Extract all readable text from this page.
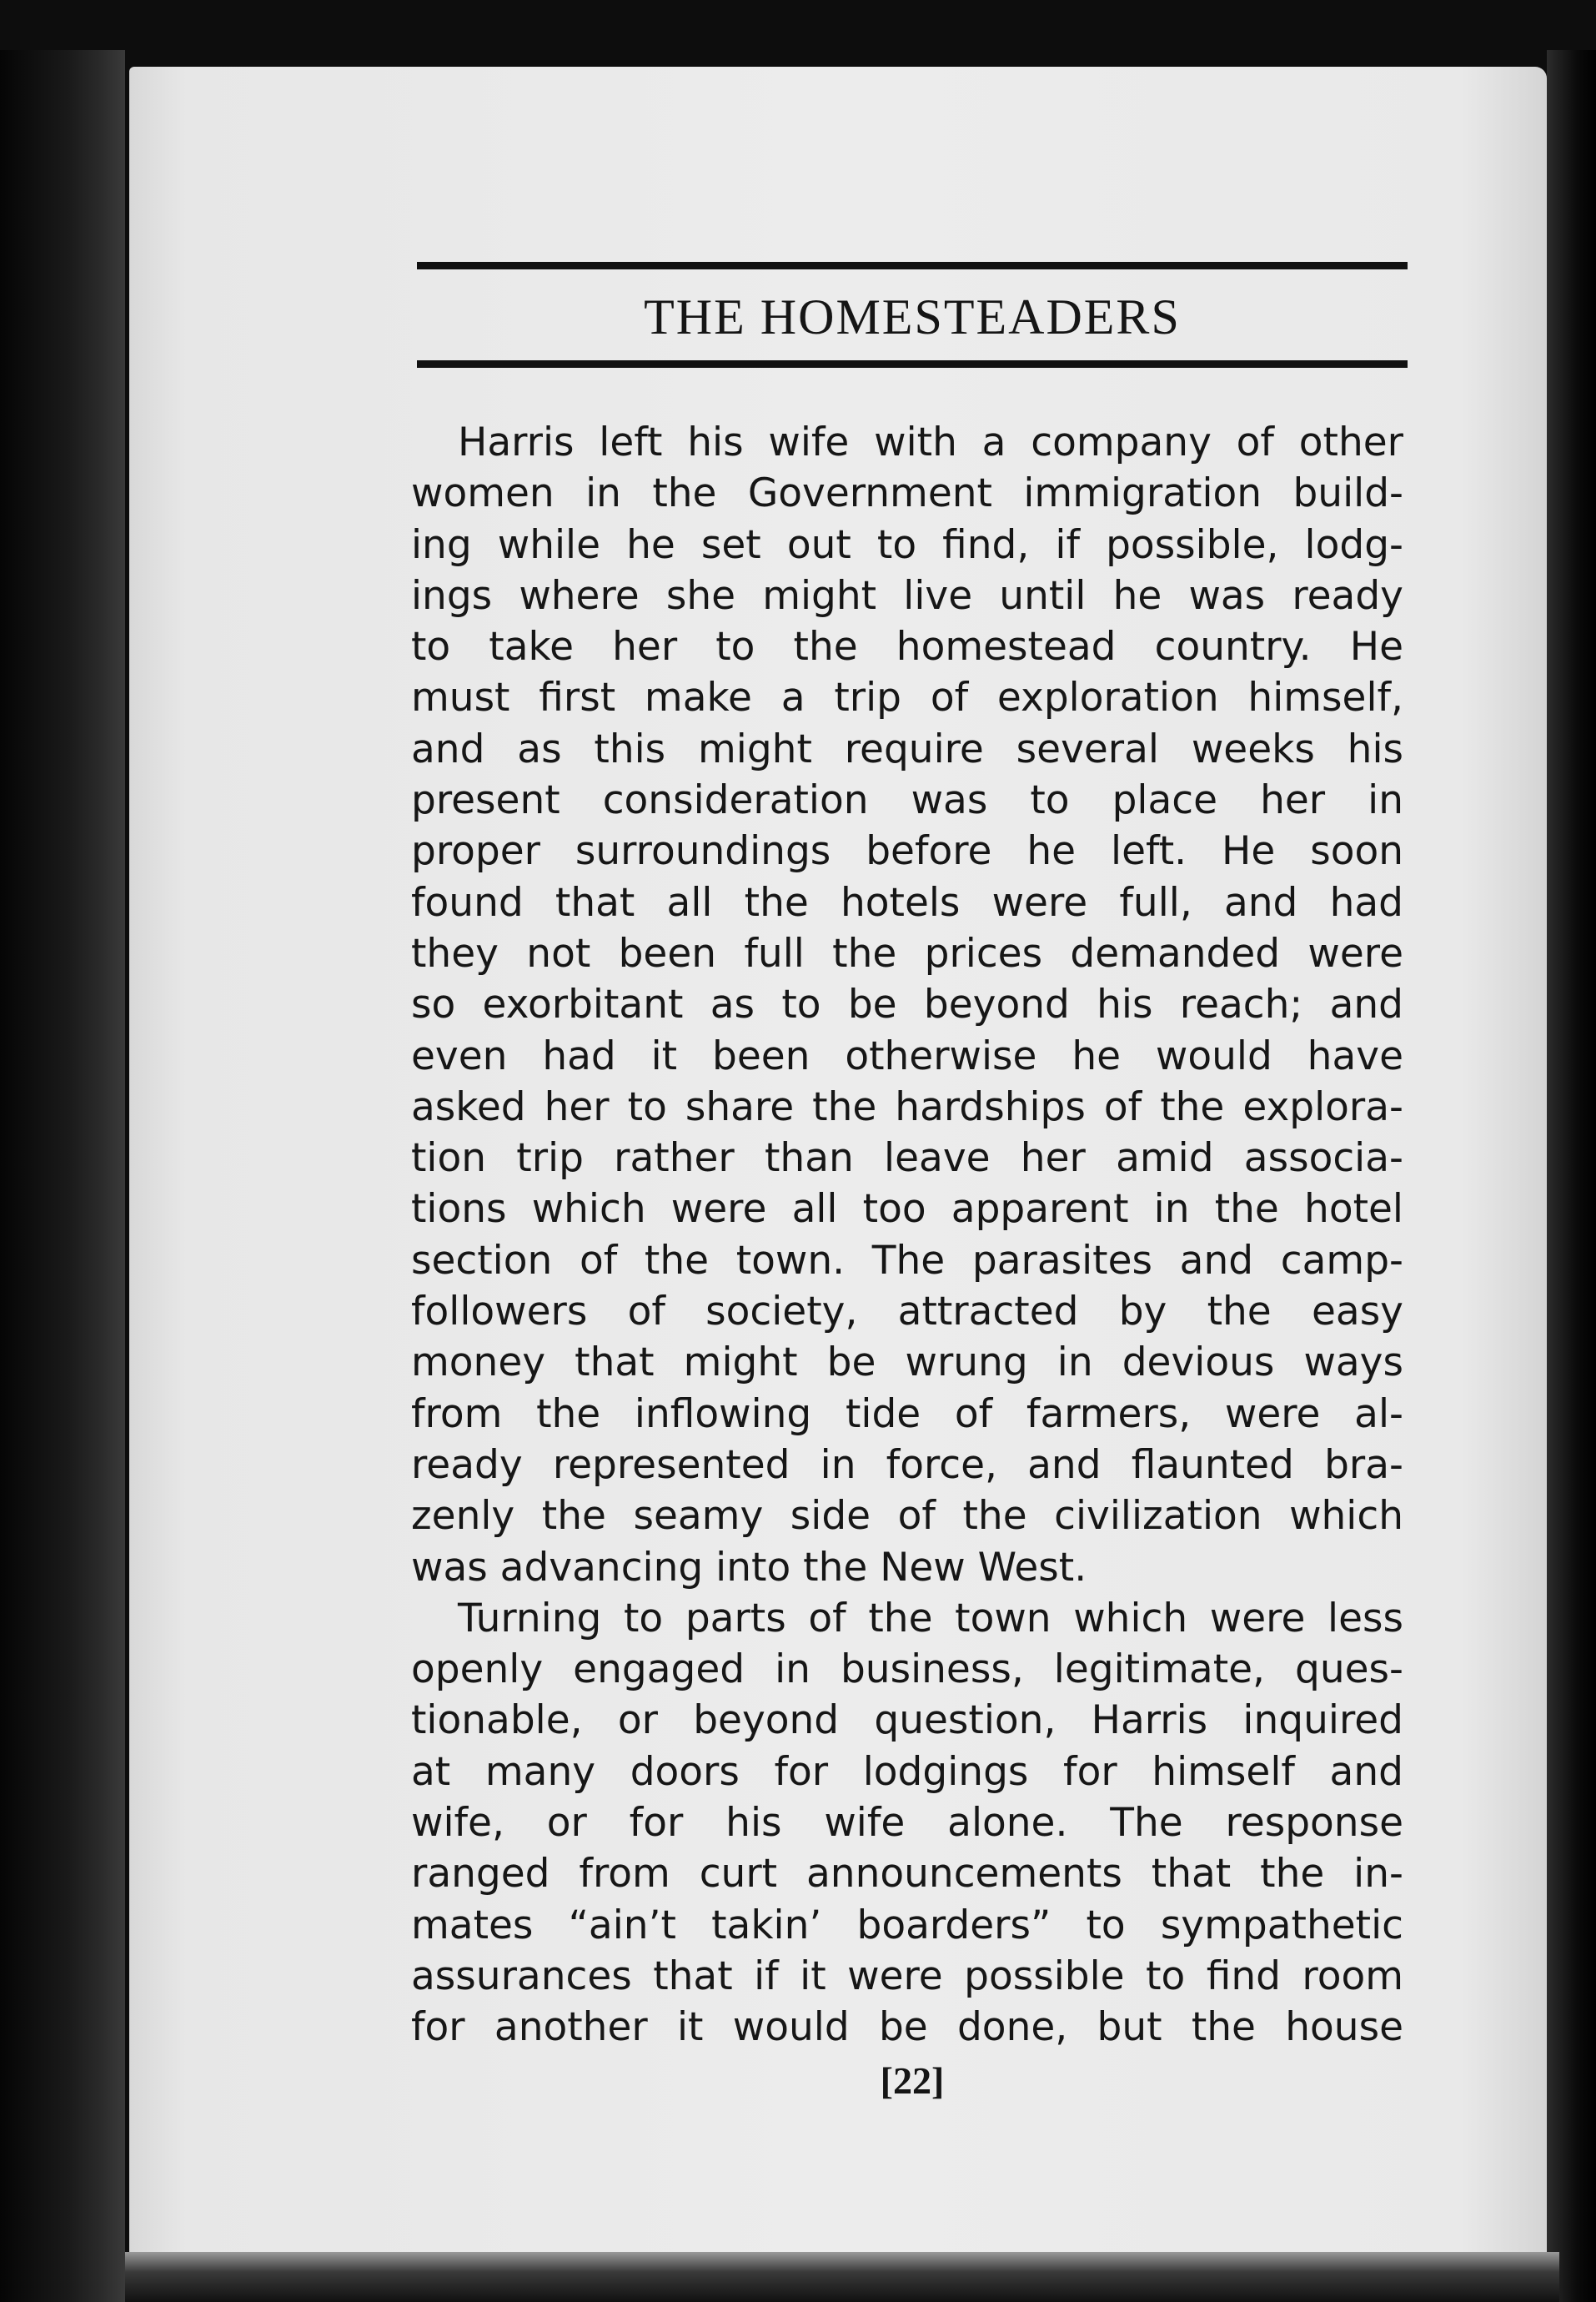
THE HOMESTEADERS
Harris left his wife with a company of other
women in the Government immigration build-
ing while he set out to find, if possible, lodg-
ings where she might live until he was ready
to take her to the homestead country. He
must first make a trip of exploration himself,
and as this might require several weeks his
present consideration was to place her in
proper surroundings before he left. He soon
found that all the hotels were full, and had
they not been full the prices demanded were
so exorbitant as to be beyond his reach; and
even had it been otherwise he would have
asked her to share the hardships of the explora-
tion trip rather than leave her amid associa-
tions which were all too apparent in the hotel
section of the town. The parasites and camp-
followers of society, attracted by the easy
money that might be wrung in devious ways
from the inflowing tide of farmers, were al-
ready represented in force, and flaunted bra-
zenly the seamy side of the civilization which
was advancing into the New West.
Turning to parts of the town which were less
openly engaged in business, legitimate, ques-
tionable, or beyond question, Harris inquired
at many doors for lodgings for himself and
wife, or for his wife alone. The response
ranged from curt announcements that the in-
mates “ain’t takin’ boarders” to sympathetic
assurances that if it were possible to find room
for another it would be done, but the house
[22]
